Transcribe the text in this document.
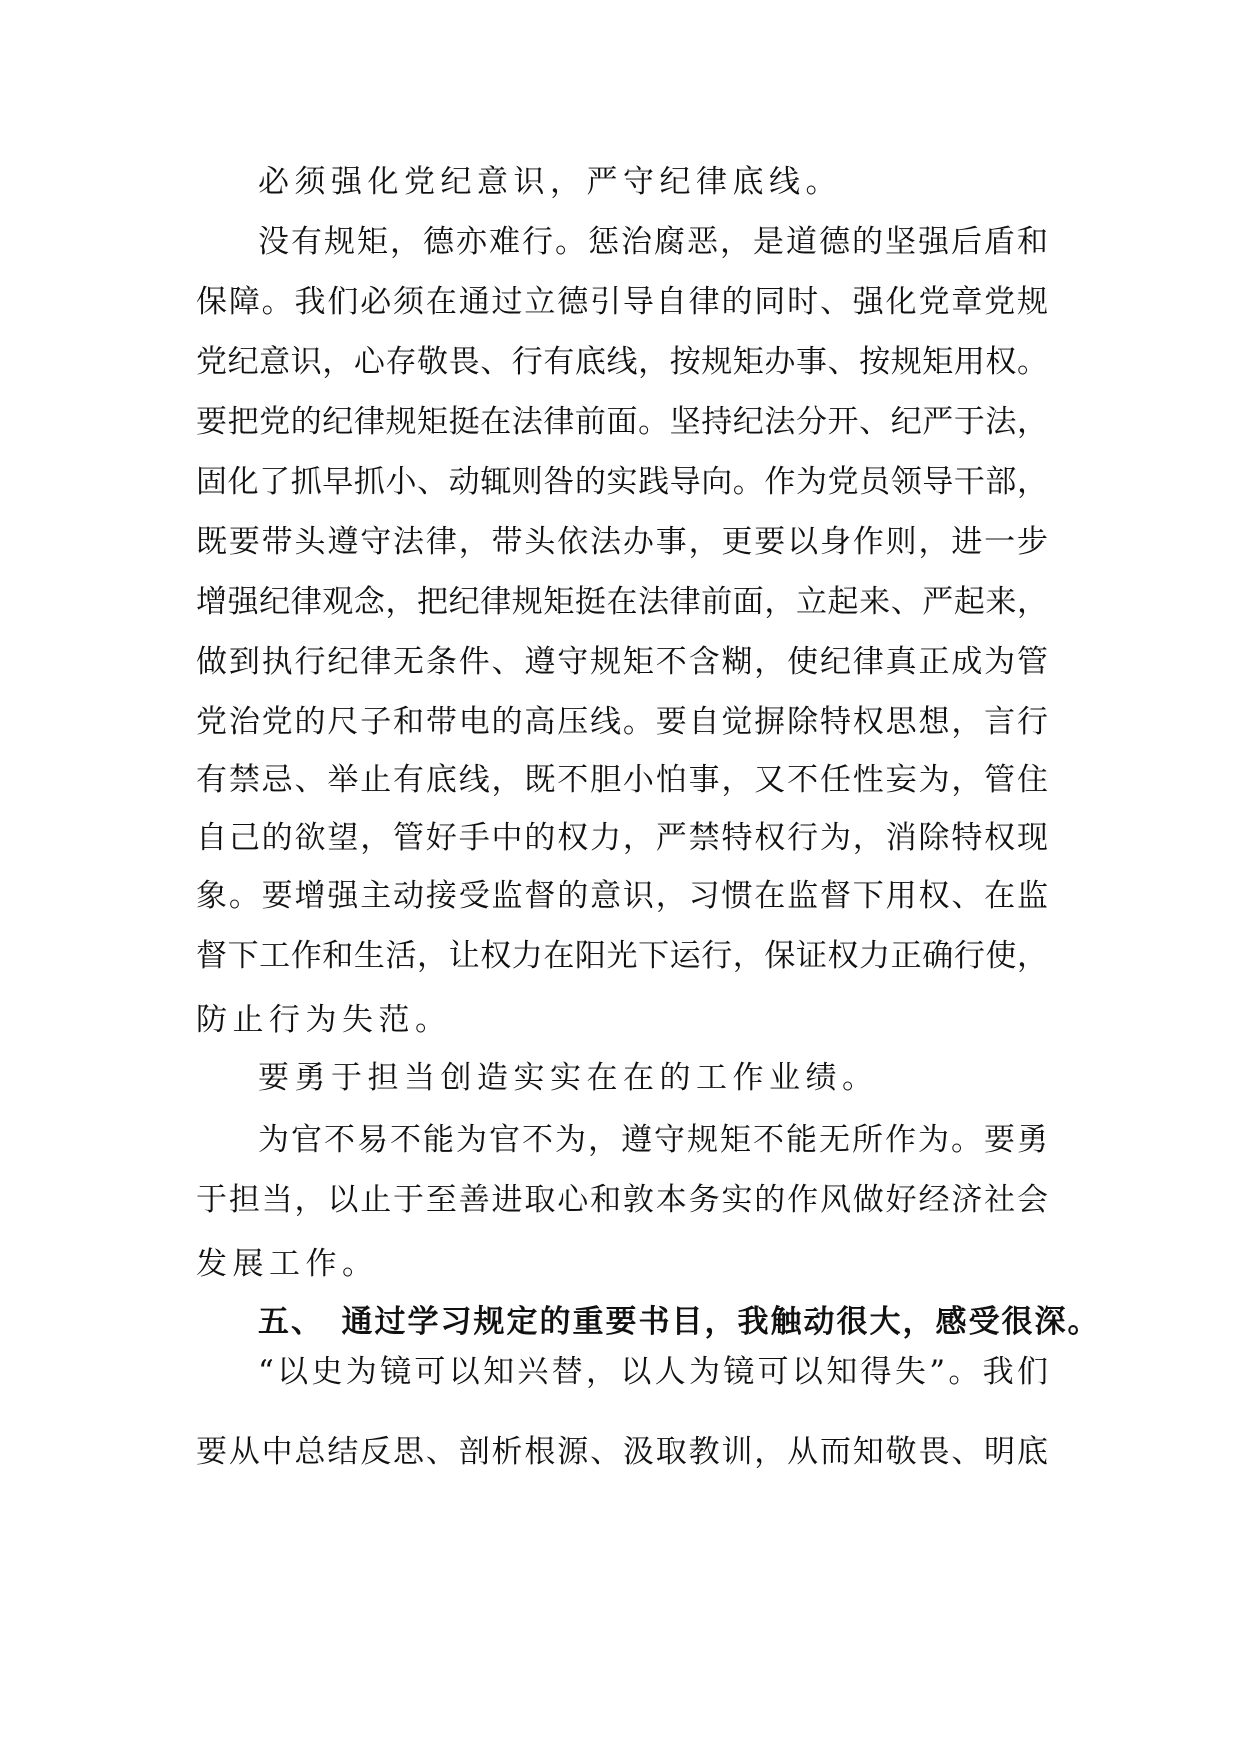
必须强化党纪意识，严守纪律底线。
没有规矩，德亦难行。惩治腐恶，是道德的坚强后盾和
保障。我们必须在通过立德引导自律的同时、强化党章党规
党纪意识，心存敬畏、行有底线，按规矩办事、按规矩用权。
要把党的纪律规矩挺在法律前面。坚持纪法分开、纪严于法，
固化了抓早抓小、动辄则咎的实践导向。作为党员领导干部，
既要带头遵守法律，带头依法办事，更要以身作则，进一步
增强纪律观念，把纪律规矩挺在法律前面，立起来、严起来，
做到执行纪律无条件、遵守规矩不含糊，使纪律真正成为管
党治党的尺子和带电的高压线。要自觉摒除特权思想，言行
有禁忌、举止有底线，既不胆小怕事，又不任性妄为，管住
自己的欲望，管好手中的权力，严禁特权行为，消除特权现
象。要增强主动接受监督的意识，习惯在监督下用权、在监
督下工作和生活，让权力在阳光下运行，保证权力正确行使，
防止行为失范。
要勇于担当创造实实在在的工作业绩。
为官不易不能为官不为，遵守规矩不能无所作为。要勇
于担当，以止于至善进取心和敦本务实的作风做好经济社会
发展工作。
五、　通过学习规定的重要书目，我触动很大，感受很深。
“以史为镜可以知兴替，以人为镜可以知得失”。我们
要从中总结反思、剖析根源、汲取教训，从而知敬畏、明底
